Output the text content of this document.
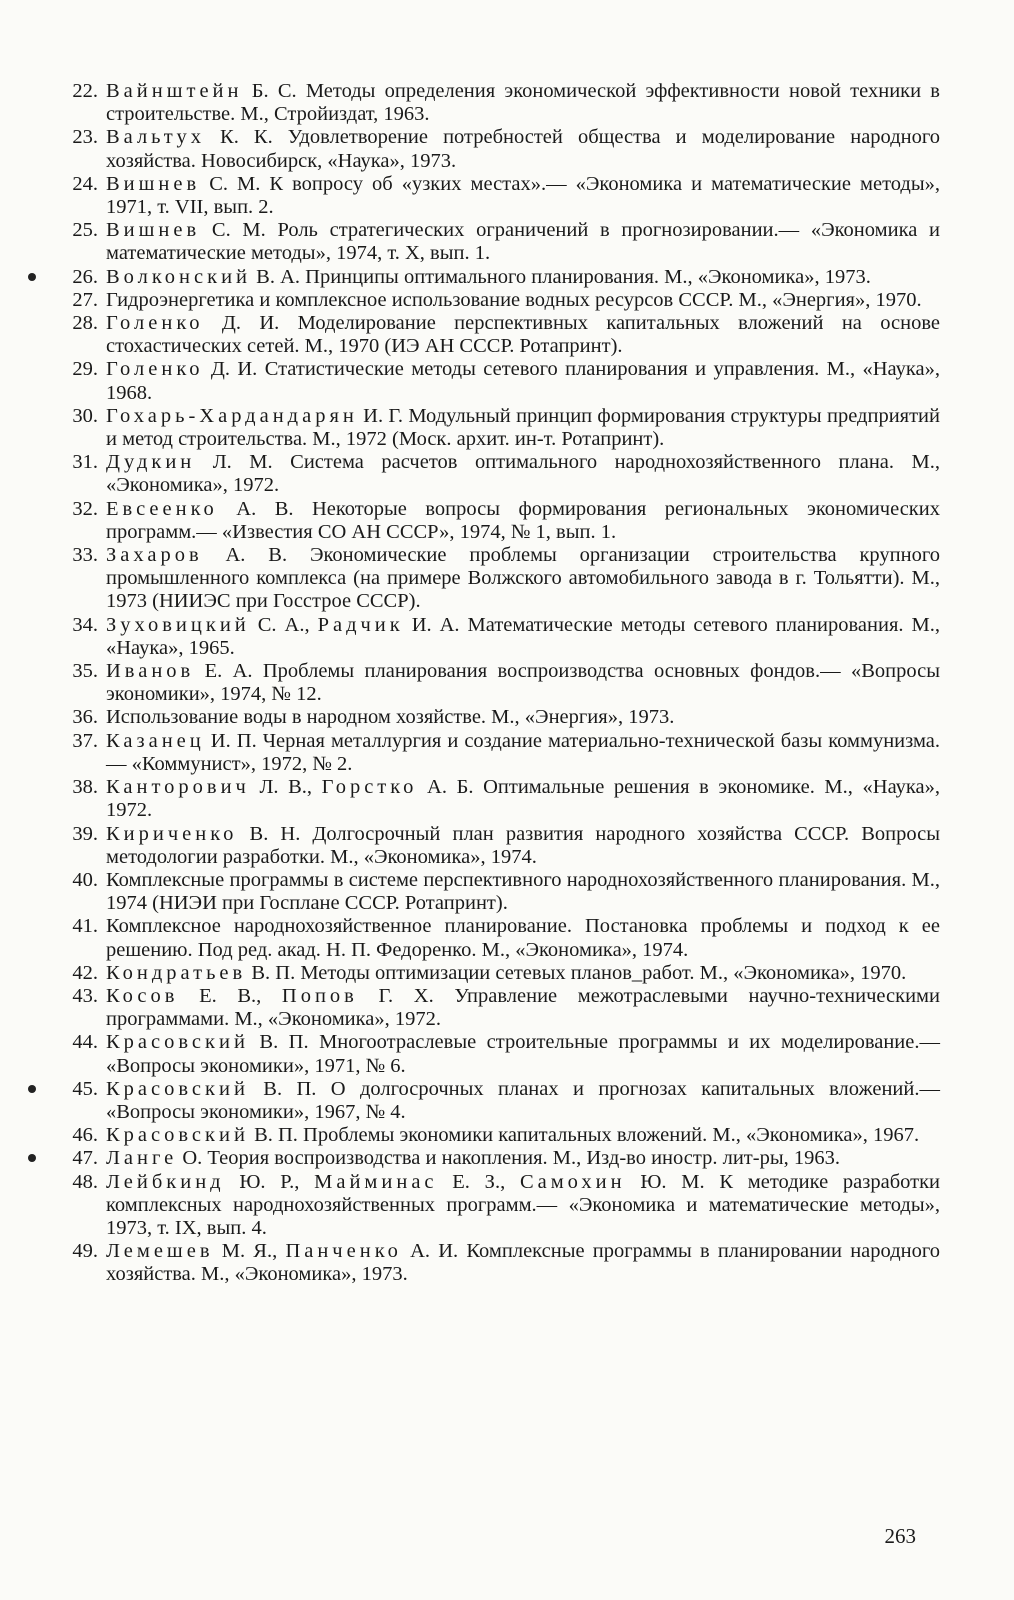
22. Вайнштейн Б. С. Методы определения экономической эффективности новой техники в строительстве. М., Стройиздат, 1963.

23. Вальтух К. К. Удовлетворение потребностей общества и моделирование народного хозяйства. Новосибирск, «Наука», 1973.

24. Вишнев С. М. К вопросу об «узких местах».— «Экономика и математические методы», 1971, т. VII, вып. 2.

25. Вишнев С. М. Роль стратегических ограничений в прогнозировании.— «Экономика и математические методы», 1974, т. X, вып. 1.

26. Волконский В. А. Принципы оптимального планирования. М., «Экономика», 1973.

27. Гидроэнергетика и комплексное использование водных ресурсов СССР. М., «Энергия», 1970.

28. Голенко Д. И. Моделирование перспективных капитальных вложений на основе стохастических сетей. М., 1970 (ИЭ АН СССР. Ротапринт).

29. Голенко Д. И. Статистические методы сетевого планирования и управления. М., «Наука», 1968.

30. Гохарь-Хардандарян И. Г. Модульный принцип формирования структуры предприятий и метод строительства. М., 1972 (Моск. архит. ин-т. Ротапринт).

31. Дудкин Л. М. Система расчетов оптимального народнохозяйственного плана. М., «Экономика», 1972.

32. Евсеенко А. В. Некоторые вопросы формирования региональных экономических программ.— «Известия СО АН СССР», 1974, № 1, вып. 1.

33. Захаров А. В. Экономические проблемы организации строительства крупного промышленного комплекса (на примере Волжского автомобильного завода в г. Тольятти). М., 1973 (НИИЭС при Госстрое СССР).

34. Зуховицкий С. А., Радчик И. А. Математические методы сетевого планирования. М., «Наука», 1965.

35. Иванов Е. А. Проблемы планирования воспроизводства основных фондов.— «Вопросы экономики», 1974, № 12.

36. Использование воды в народном хозяйстве. М., «Энергия», 1973.

37. Казанец И. П. Черная металлургия и создание материально-технической базы коммунизма.— «Коммунист», 1972, № 2.

38. Канторович Л. В., Горстко А. Б. Оптимальные решения в экономике. М., «Наука», 1972.

39. Кириченко В. Н. Долгосрочный план развития народного хозяйства СССР. Вопросы методологии разработки. М., «Экономика», 1974.

40. Комплексные программы в системе перспективного народнохозяйственного планирования. М., 1974 (НИЭИ при Госплане СССР. Ротапринт).

41. Комплексное народнохозяйственное планирование. Постановка проблемы и подход к ее решению. Под ред. акад. Н. П. Федоренко. М., «Экономика», 1974.

42. Кондратьев В. П. Методы оптимизации сетевых планов_работ. М., «Экономика», 1970.

43. Косов Е. В., Попов Г. Х. Управление межотраслевыми научно-техническими программами. М., «Экономика», 1972.

44. Красовский В. П. Многоотраслевые строительные программы и их моделирование.— «Вопросы экономики», 1971, № 6.

45. Красовский В. П. О долгосрочных планах и прогнозах капитальных вложений.— «Вопросы экономики», 1967, № 4.

46. Красовский В. П. Проблемы экономики капитальных вложений. М., «Экономика», 1967.

47. Ланге О. Теория воспроизводства и накопления. М., Изд-во иностр. лит-ры, 1963.

48. Лейбкинд Ю. Р., Майминас Е. З., Самохин Ю. М. К методике разработки комплексных народнохозяйственных программ.— «Экономика и математические методы», 1973, т. IX, вып. 4.

49. Лемешев М. Я., Панченко А. И. Комплексные программы в планировании народного хозяйства. М., «Экономика», 1973.

263
